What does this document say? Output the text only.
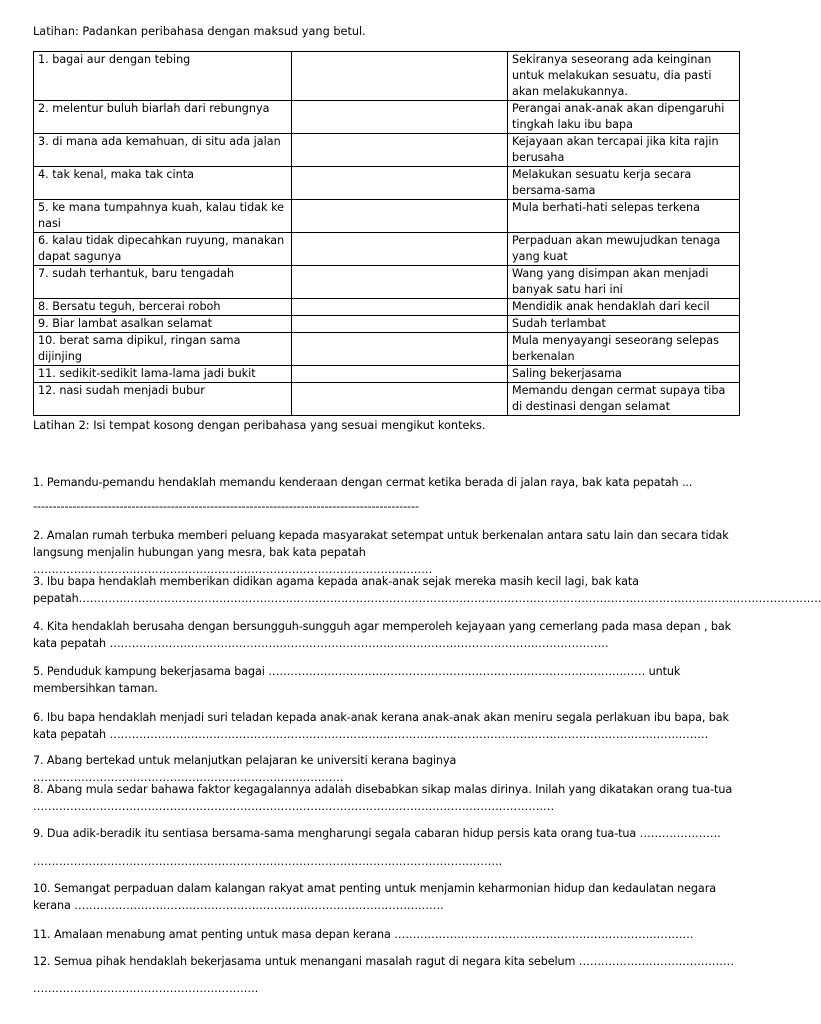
Latihan: Padankan peribahasa dengan maksud yang betul.
1. bagai aur dengan tebing		Sekiranya seseorang ada keinginan untuk melakukan sesuatu, dia pasti akan melakukannya.
2. melentur buluh biarlah dari rebungnya		Perangai anak-anak akan dipengaruhi tingkah laku ibu bapa
3. di mana ada kemahuan, di situ ada jalan		Kejayaan akan tercapai jika kita rajin berusaha
4. tak kenal, maka tak cinta		Melakukan sesuatu kerja secara bersama-sama
5. ke mana tumpahnya kuah, kalau tidak ke nasi		Mula berhati-hati selepas terkena
6. kalau tidak dipecahkan ruyung, manakan dapat sagunya		Perpaduan akan mewujudkan tenaga yang kuat
7. sudah terhantuk, baru tengadah		Wang yang disimpan akan menjadi banyak satu hari ini
8. Bersatu teguh, bercerai roboh		Mendidik anak hendaklah dari kecil
9. Biar lambat asalkan selamat		Sudah terlambat
10. berat sama dipikul, ringan sama dijinjing		Mula menyayangi seseorang selepas berkenalan
11. sedikit-sedikit lama-lama jadi bukit		Saling bekerjasama
12. nasi sudah menjadi bubur		Memandu dengan cermat supaya tiba di destinasi dengan selamat
Latihan 2: Isi tempat kosong dengan peribahasa yang sesuai mengikut konteks.
1. Pemandu-pemandu hendaklah memandu kenderaan dengan cermat ketika berada di jalan raya, bak kata pepatah ...
--------------------------------------------------------------------------------------------------
2. Amalan rumah terbuka memberi peluang kepada masyarakat setempat untuk berkenalan antara satu lain dan secara tidak langsung menjalin hubungan yang mesra, bak kata pepatah ………………………………………………………………………………………………
3. Ibu bapa hendaklah memberikan didikan agama kepada anak-anak sejak mereka masih kecil lagi, bak kata pepatah…………………………………………………………………………………………………………………………………………………………………………………
4. Kita hendaklah berusaha dengan bersungguh-sungguh agar memperoleh kejayaan yang cemerlang pada masa depan , bak kata pepatah ………………………………………………………………………………………………………………………
5. Penduduk kampung bekerjasama bagai ………………………………………………………………………………………… untuk membersihkan taman.
6. Ibu bapa hendaklah menjadi suri teladan kepada anak-anak kerana anak-anak akan meniru segala perlakuan ibu bapa, bak kata pepatah ………………………………………………………………………………………………………………………………………………
7. Abang bertekad untuk melanjutkan pelajaran ke universiti kerana baginya …………………………………………………………………………
8. Abang mula sedar bahawa faktor kegagalannya adalah disebabkan sikap malas dirinya. Inilah yang dikatakan orang tua-tua ……………………………………………………………………………………………………………………………
9. Dua adik-beradik itu sentiasa bersama-sama mengharungi segala cabaran hidup persis kata orang tua-tua ………………….
……………………………………………………………………………………………………………….
10. Semangat perpaduan dalam kalangan rakyat amat penting untuk menjamin keharmonian hidup dan kedaulatan negara kerana ……………………………………………………………………………………….
11. Amalaan menabung amat penting untuk masa depan kerana ………………………………………………………………………
12. Semua pihak hendaklah bekerjasama untuk menangani masalah ragut di negara kita sebelum ……………………………………
…………………………………………………….
